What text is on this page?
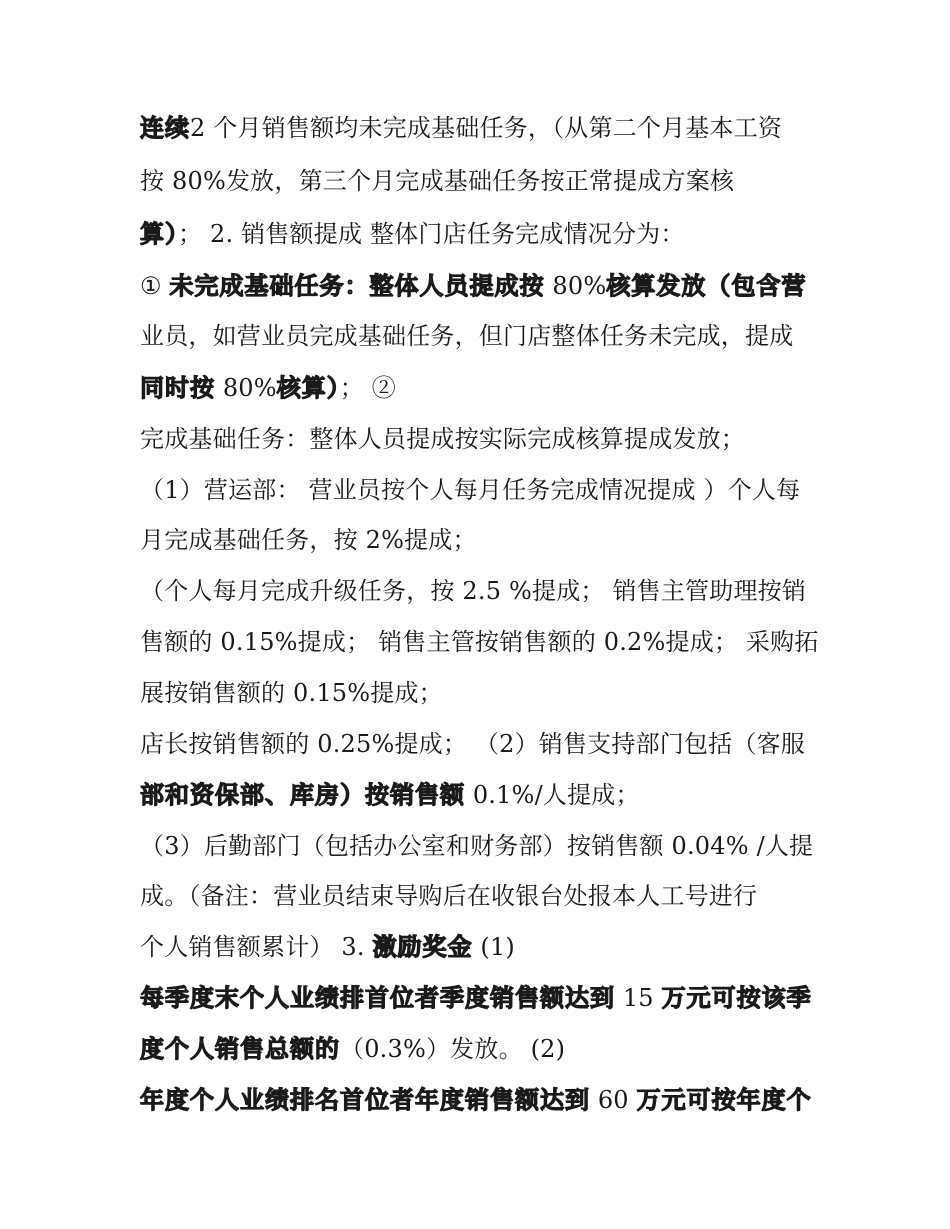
连续2 个月销售额均未完成基础任务，（从第二个月基本工资
按 80%发放，第三个月完成基础任务按正常提成方案核
算）； 2. 销售额提成 整体门店任务完成情况分为：
① 未完成基础任务：整体人员提成按 80%核算发放（包含营
业员，如营业员完成基础任务，但门店整体任务未完成，提成
同时按 80%核算）； ②
完成基础任务：整体人员提成按实际完成核算提成发放；
（1）营运部： 营业员按个人每月任务完成情况提成 ）个人每
月完成基础任务，按 2%提成；
（个人每月完成升级任务，按 2.5 %提成； 销售主管助理按销
售额的 0.15%提成； 销售主管按销售额的 0.2%提成； 采购拓
展按销售额的 0.15%提成；
店长按销售额的 0.25%提成； （2）销售支持部门包括（客服
部和资保部、库房）按销售额 0.1%/人提成；
（3）后勤部门（包括办公室和财务部）按销售额 0.04% /人提
成。（备注：营业员结束导购后在收银台处报本人工号进行
个人销售额累计） 3. 激励奖金 (1)
每季度末个人业绩排首位者季度销售额达到 15 万元可按该季
度个人销售总额的（0.3%）发放。 (2)
年度个人业绩排名首位者年度销售额达到 60 万元可按年度个
